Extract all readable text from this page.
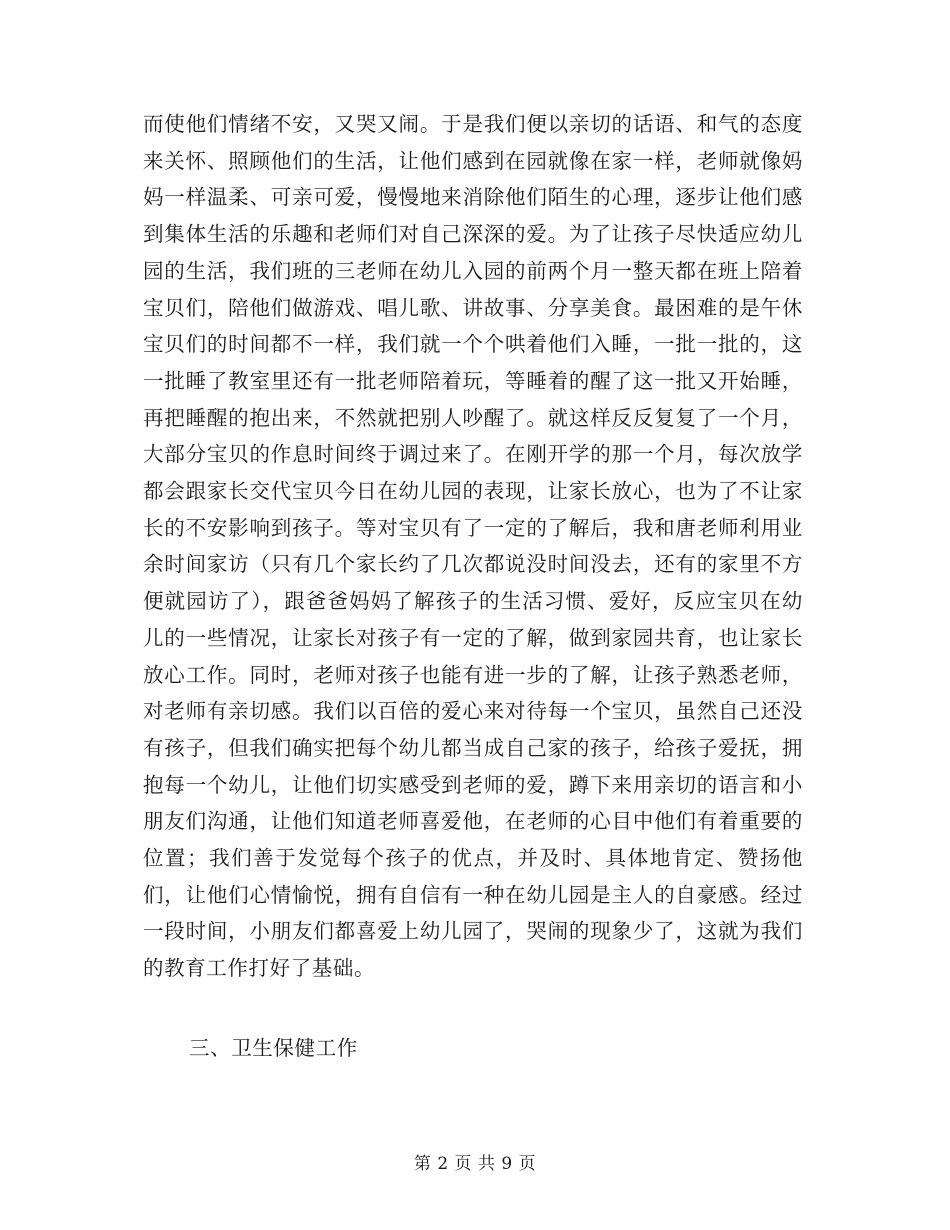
而使他们情绪不安，又哭又闹。于是我们便以亲切的话语、和气的态度来关怀、照顾他们的生活，让他们感到在园就像在家一样，老师就像妈妈一样温柔、可亲可爱，慢慢地来消除他们陌生的心理，逐步让他们感到集体生活的乐趣和老师们对自己深深的爱。为了让孩子尽快适应幼儿园的生活，我们班的三老师在幼儿入园的前两个月一整天都在班上陪着宝贝们，陪他们做游戏、唱儿歌、讲故事、分享美食。最困难的是午休宝贝们的时间都不一样，我们就一个个哄着他们入睡，一批一批的，这一批睡了教室里还有一批老师陪着玩，等睡着的醒了这一批又开始睡，再把睡醒的抱出来，不然就把别人吵醒了。就这样反反复复了一个月，大部分宝贝的作息时间终于调过来了。在刚开学的那一个月，每次放学都会跟家长交代宝贝今日在幼儿园的表现，让家长放心，也为了不让家长的不安影响到孩子。等对宝贝有了一定的了解后，我和唐老师利用业余时间家访（只有几个家长约了几次都说没时间没去，还有的家里不方便就园访了），跟爸爸妈妈了解孩子的生活习惯、爱好，反应宝贝在幼儿的一些情况，让家长对孩子有一定的了解，做到家园共育，也让家长放心工作。同时，老师对孩子也能有进一步的了解，让孩子熟悉老师，对老师有亲切感。我们以百倍的爱心来对待每一个宝贝，虽然自己还没有孩子，但我们确实把每个幼儿都当成自己家的孩子，给孩子爱抚，拥抱每一个幼儿，让他们切实感受到老师的爱，蹲下来用亲切的语言和小朋友们沟通，让他们知道老师喜爱他，在老师的心目中他们有着重要的位置；我们善于发觉每个孩子的优点，并及时、具体地肯定、赞扬他们，让他们心情愉悦，拥有自信有一种在幼儿园是主人的自豪感。经过一段时间，小朋友们都喜爱上幼儿园了，哭闹的现象少了，这就为我们的教育工作打好了基础。

三、卫生保健工作
第 2 页 共 9 页
